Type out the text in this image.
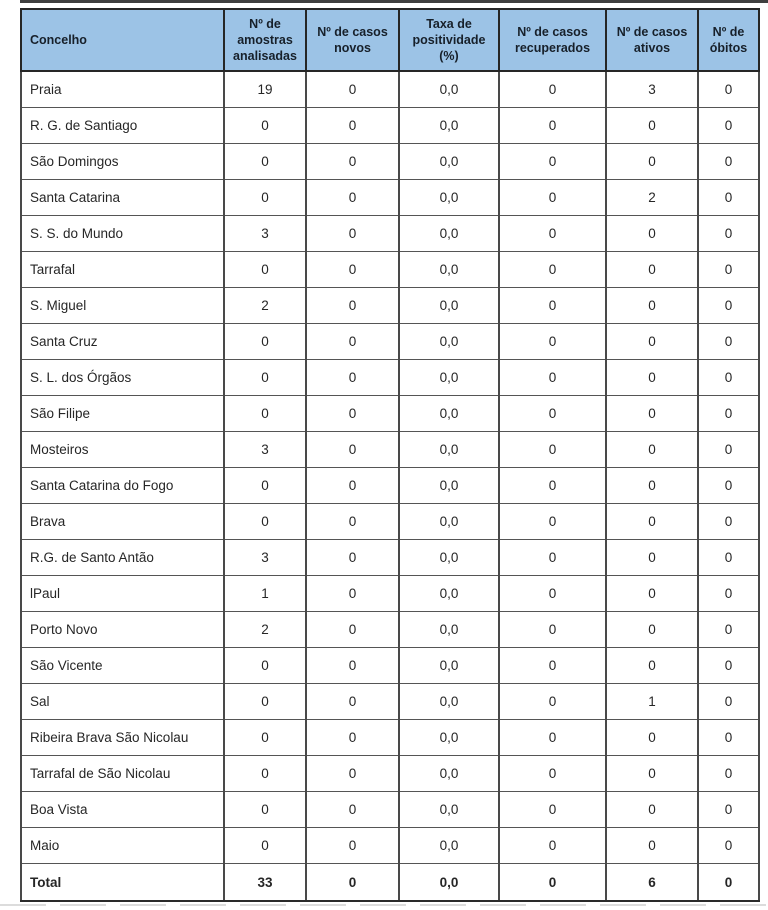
Concelho	Nº de amostras analisadas	Nº de casos novos	Taxa de positividade (%)	Nº de casos recuperados	Nº de casos ativos	Nº de óbitos
Praia	19	0	0,0	0	3	0
R. G. de Santiago	0	0	0,0	0	0	0
São Domingos	0	0	0,0	0	0	0
Santa Catarina	0	0	0,0	0	2	0
S. S. do Mundo	3	0	0,0	0	0	0
Tarrafal	0	0	0,0	0	0	0
S. Miguel	2	0	0,0	0	0	0
Santa Cruz	0	0	0,0	0	0	0
S. L. dos Órgãos	0	0	0,0	0	0	0
São Filipe	0	0	0,0	0	0	0
Mosteiros	3	0	0,0	0	0	0
Santa Catarina do Fogo	0	0	0,0	0	0	0
Brava	0	0	0,0	0	0	0
R.G. de Santo Antão	3	0	0,0	0	0	0
lPaul	1	0	0,0	0	0	0
Porto Novo	2	0	0,0	0	0	0
São Vicente	0	0	0,0	0	0	0
Sal	0	0	0,0	0	1	0
Ribeira Brava São Nicolau	0	0	0,0	0	0	0
Tarrafal de São Nicolau	0	0	0,0	0	0	0
Boa Vista	0	0	0,0	0	0	0
Maio	0	0	0,0	0	0	0
Total	33	0	0,0	0	6	0
